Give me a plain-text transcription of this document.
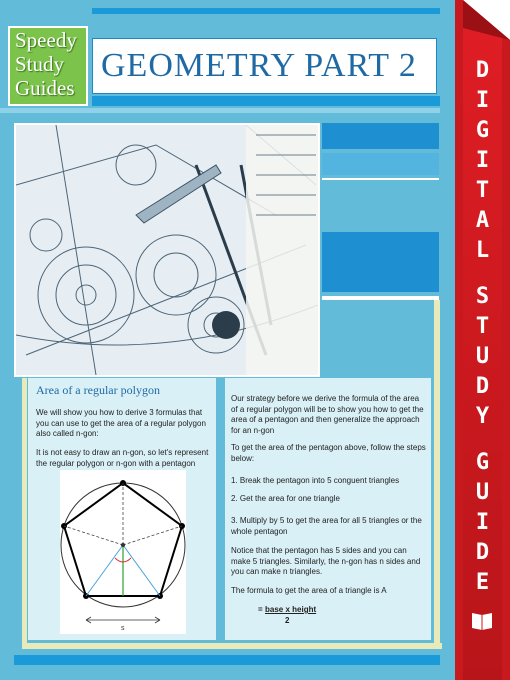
Speedy
Study
Guides
GEOMETRY PART 2
Area of a regular polygon
We will show you how to derive 3 formulas that you can use to get the area of a regular polygon also called n-gon:
It is not easy to draw an n-gon, so let's represent the regular polygon or n-gon with a pentagon
s
Our strategy before we derive the formula of the area of a regular polygon will be to show you how to get the area of a pentagon and then generalize the approach for an n-gon
To get the area of the pentagon above, follow the steps below:
1. Break the pentagon into 5 conguent triangles
2. Get the area for one triangle
3. Multiply by 5 to get the area for all 5 triangles or the whole pentagon
Notice that the pentagon has 5 sides and you can make 5 triangles. Similarly, the n-gon has n sides and you can make n triangles.
The formula to get the area of a triangle is A
= base x height
2
D
I
G
I
T
A
L
S
T
U
D
Y
G
U
I
D
E
